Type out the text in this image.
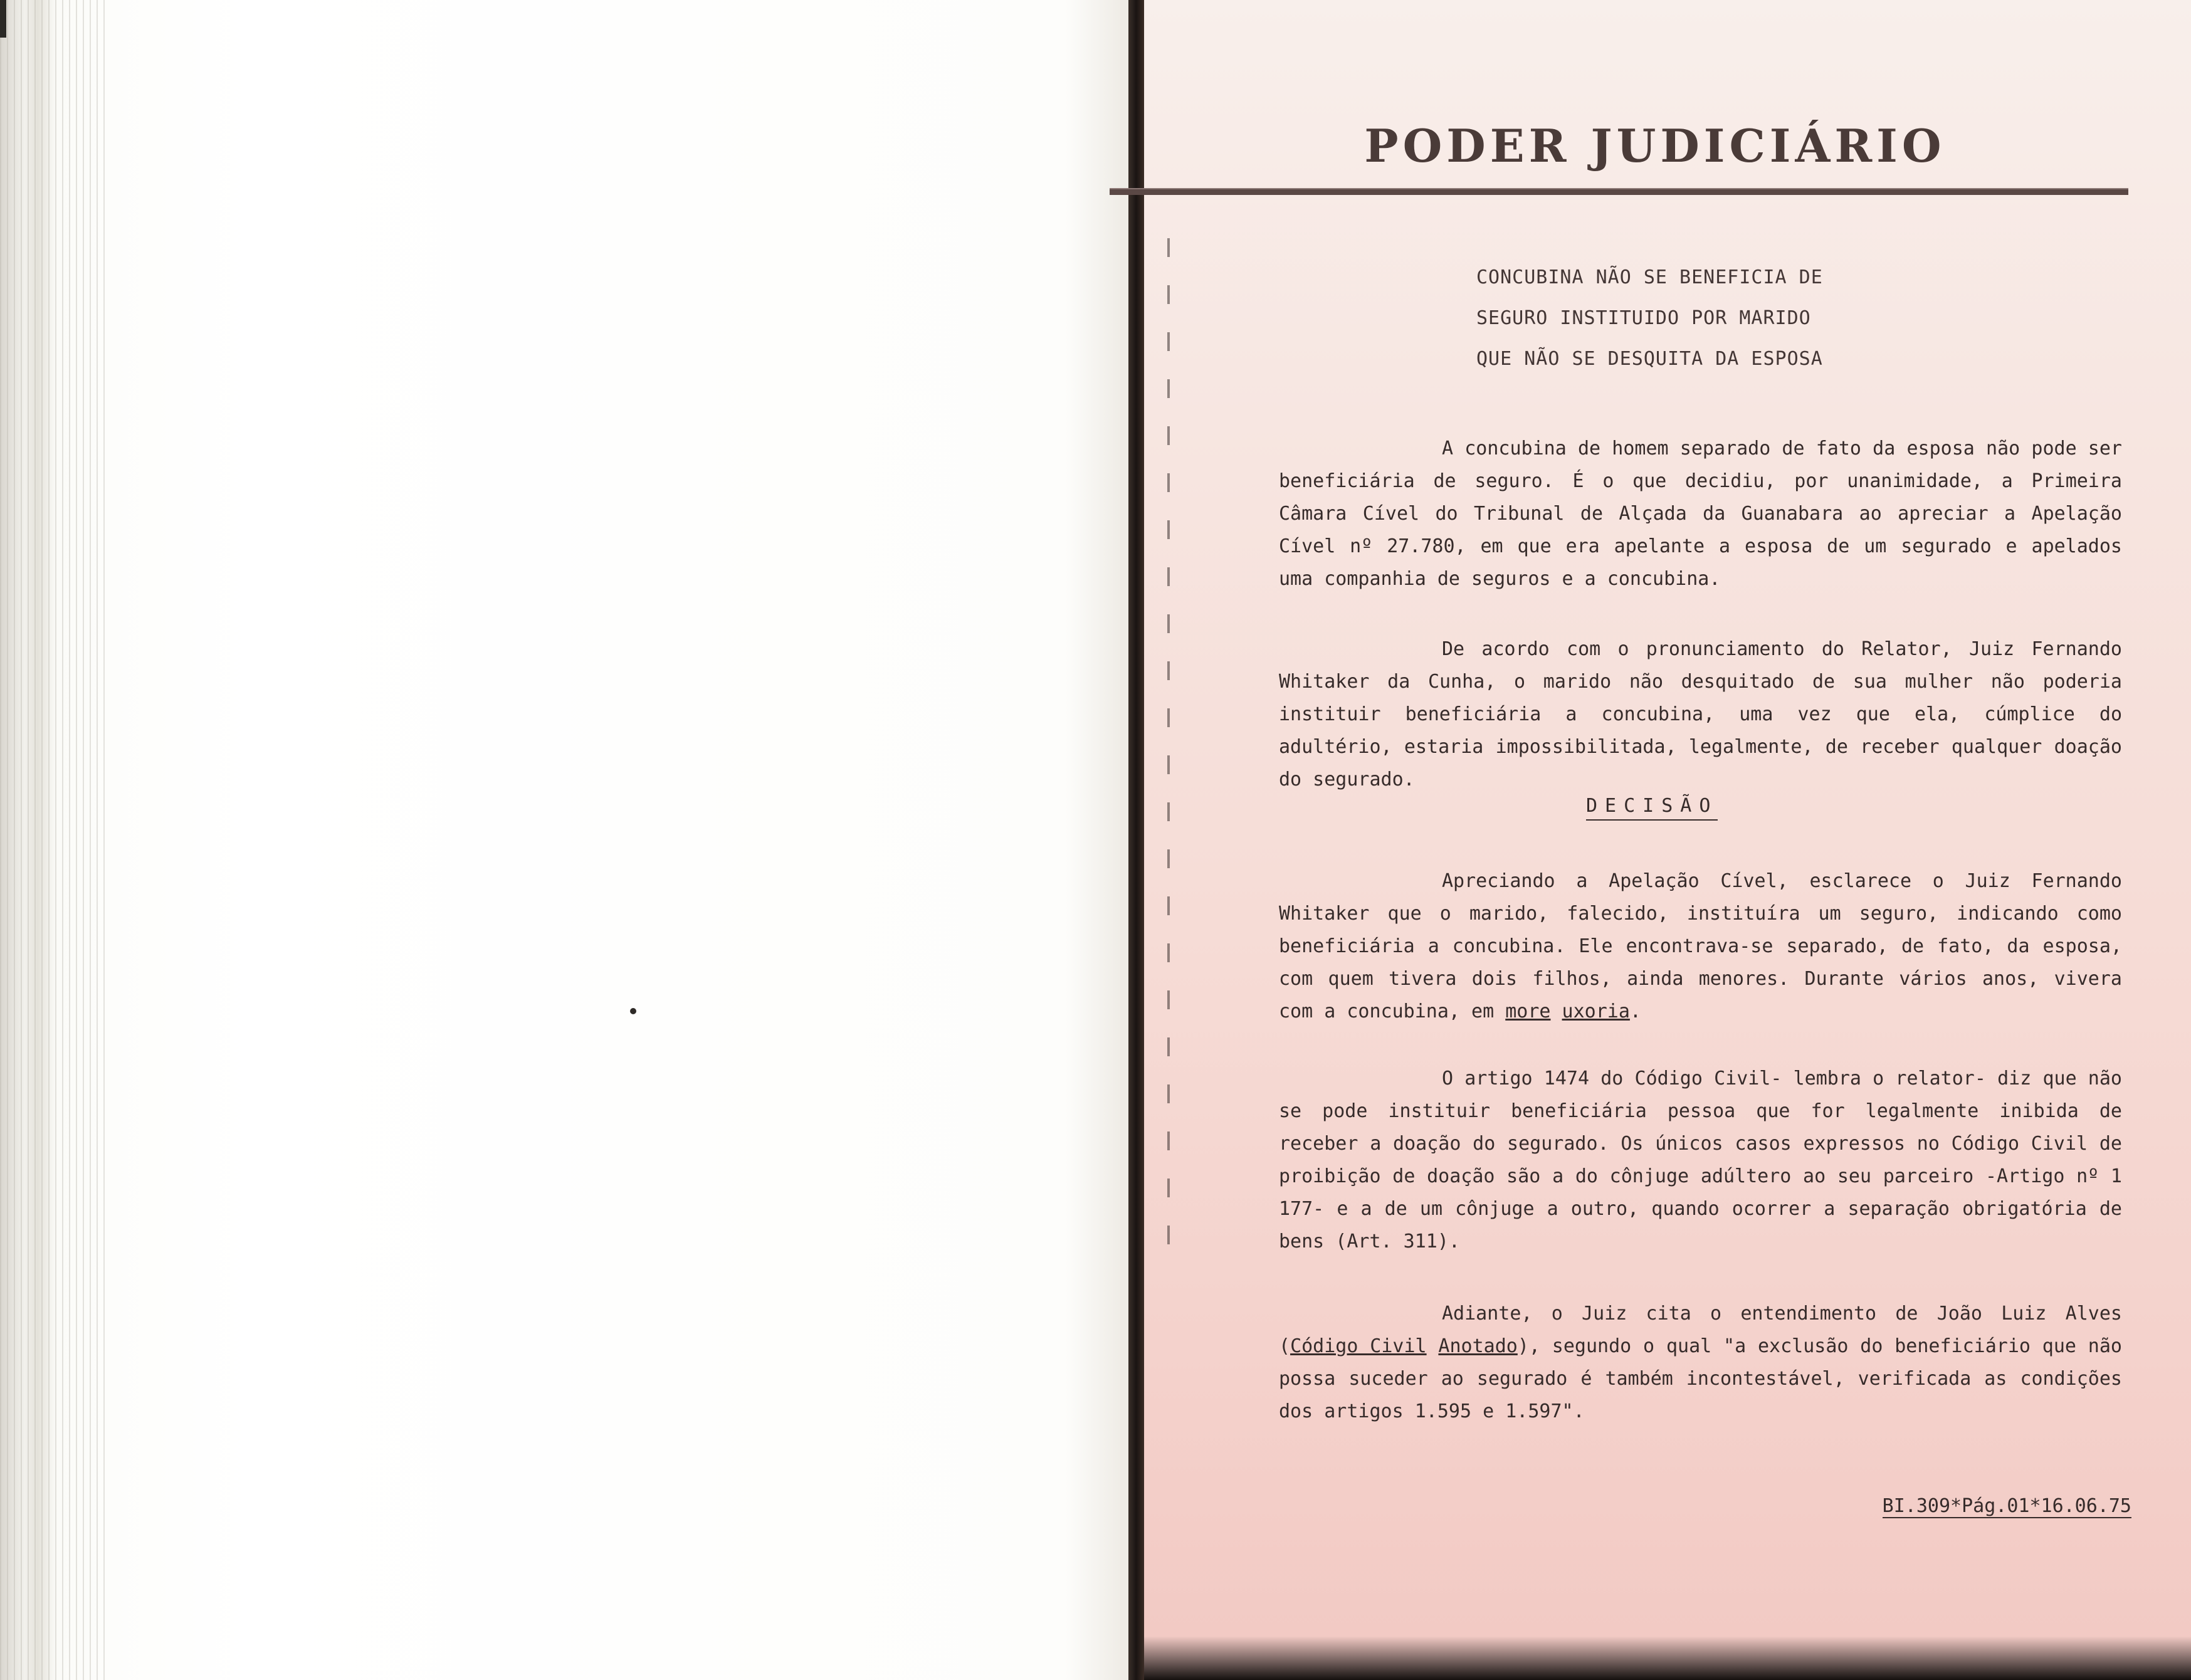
PODER JUDICIÁRIO
CONCUBINA NÃO SE BENEFICIA DE
SEGURO INSTITUIDO POR MARIDO
QUE NÃO SE DESQUITA DA ESPOSA
A concubina de homem separado de fato da esposa não pode ser beneficiária de seguro. É o que decidiu, por unanimidade, a Primeira Câmara Cível do Tribunal de Alçada da Guanabara ao apreciar a Apelação Cível nº 27.780, em que era apelante a esposa de um segurado e apelados uma companhia de seguros e a concubina.
De acordo com o pronunciamento do Relator, Juiz Fernando Whitaker da Cunha, o marido não desquitado de sua mulher não poderia instituir beneficiária a concubina, uma vez que ela, cúmplice do adultério, estaria impossibilitada, legalmente, de receber qualquer doação do segurado.
DECISÃO
Apreciando a Apelação Cível, esclarece o Juiz Fernando Whitaker que o marido, falecido, instituíra um seguro, indicando como beneficiária a concubina. Ele encontrava-se separado, de fato, da esposa, com quem tivera dois filhos, ainda menores. Durante vários anos, vivera com a concubina, em more uxoria.
O artigo 1474 do Código Civil- lembra o relator- diz que não se pode instituir beneficiária pessoa que for legalmente inibida de receber a doação do segurado. Os únicos casos expressos no Código Civil de proibição de doação são a do cônjuge adúltero ao seu parceiro -Artigo nº 1 177- e a de um cônjuge a outro, quando ocorrer a separação obrigatória de bens (Art. 311).
Adiante, o Juiz cita o entendimento de João Luiz Alves (Código Civil Anotado), segundo o qual "a exclusão do beneficiário que não possa suceder ao segurado é também incontestável, verificada as condições dos artigos 1.595 e 1.597".
BI.309*Pág.01*16.06.75
